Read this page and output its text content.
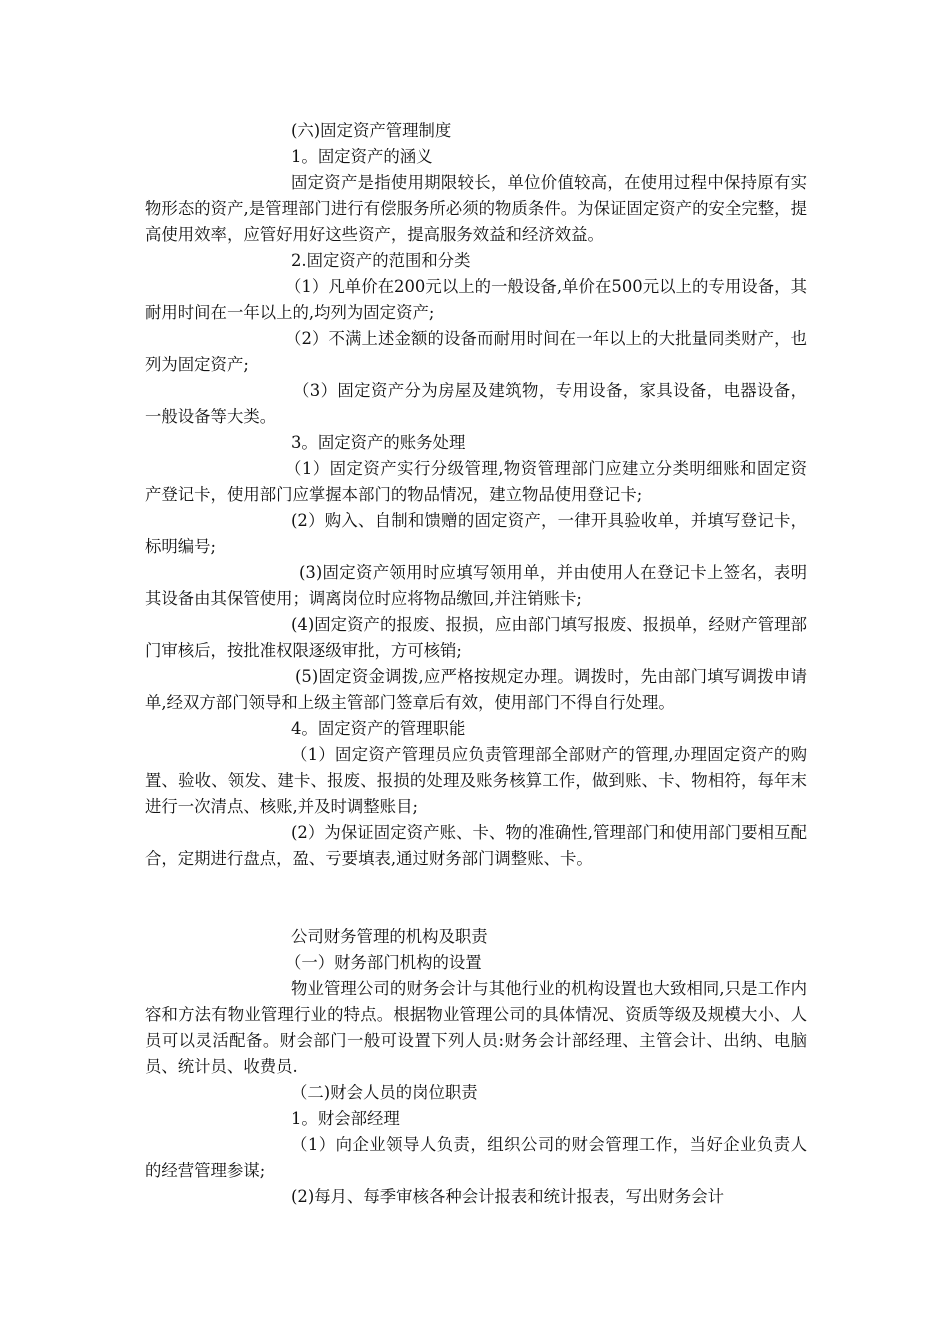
(六)固定资产管理制度

1。固定资产的涵义

固定资产是指使用期限较长，单位价值较高，在使用过程中保持原有实物形态的资产,是管理部门进行有偿服务所必须的物质条件。为保证固定资产的安全完整，提高使用效率，应管好用好这些资产，提高服务效益和经济效益。

2.固定资产的范围和分类

（1）凡单价在200元以上的一般设备,单价在500元以上的专用设备，其耐用时间在一年以上的,均列为固定资产;

（2）不满上述金额的设备而耐用时间在一年以上的大批量同类财产，也列为固定资产;

（3）固定资产分为房屋及建筑物，专用设备，家具设备，电器设备，一般设备等大类。

3。固定资产的账务处理

（1）固定资产实行分级管理,物资管理部门应建立分类明细账和固定资产登记卡，使用部门应掌握本部门的物品情况，建立物品使用登记卡;

(2）购入、自制和馈赠的固定资产，一律开具验收单，并填写登记卡，标明编号;

(3)固定资产领用时应填写领用单，并由使用人在登记卡上签名，表明其设备由其保管使用；调离岗位时应将物品缴回,并注销账卡;

(4)固定资产的报废、报损，应由部门填写报废、报损单，经财产管理部门审核后，按批准权限逐级审批，方可核销;

(5)固定资金调拨,应严格按规定办理。调拨时，先由部门填写调拨申请单,经双方部门领导和上级主管部门签章后有效，使用部门不得自行处理。

4。固定资产的管理职能

（1）固定资产管理员应负责管理部全部财产的管理,办理固定资产的购置、验收、领发、建卡、报废、报损的处理及账务核算工作，做到账、卡、物相符，每年末进行一次清点、核账,并及时调整账目;

(2）为保证固定资产账、卡、物的准确性,管理部门和使用部门要相互配合，定期进行盘点，盈、亏要填表,通过财务部门调整账、卡。

公司财务管理的机构及职责

（一）财务部门机构的设置

物业管理公司的财务会计与其他行业的机构设置也大致相同,只是工作内容和方法有物业管理行业的特点。根据物业管理公司的具体情况、资质等级及规模大小、人员可以灵活配备。财会部门一般可设置下列人员:财务会计部经理、主管会计、出纳、电脑员、统计员、收费员.

（二)财会人员的岗位职责

1。财会部经理

（1）向企业领导人负责，组织公司的财会管理工作，当好企业负责人的经营管理参谋;

(2)每月、每季审核各种会计报表和统计报表，写出财务会计
